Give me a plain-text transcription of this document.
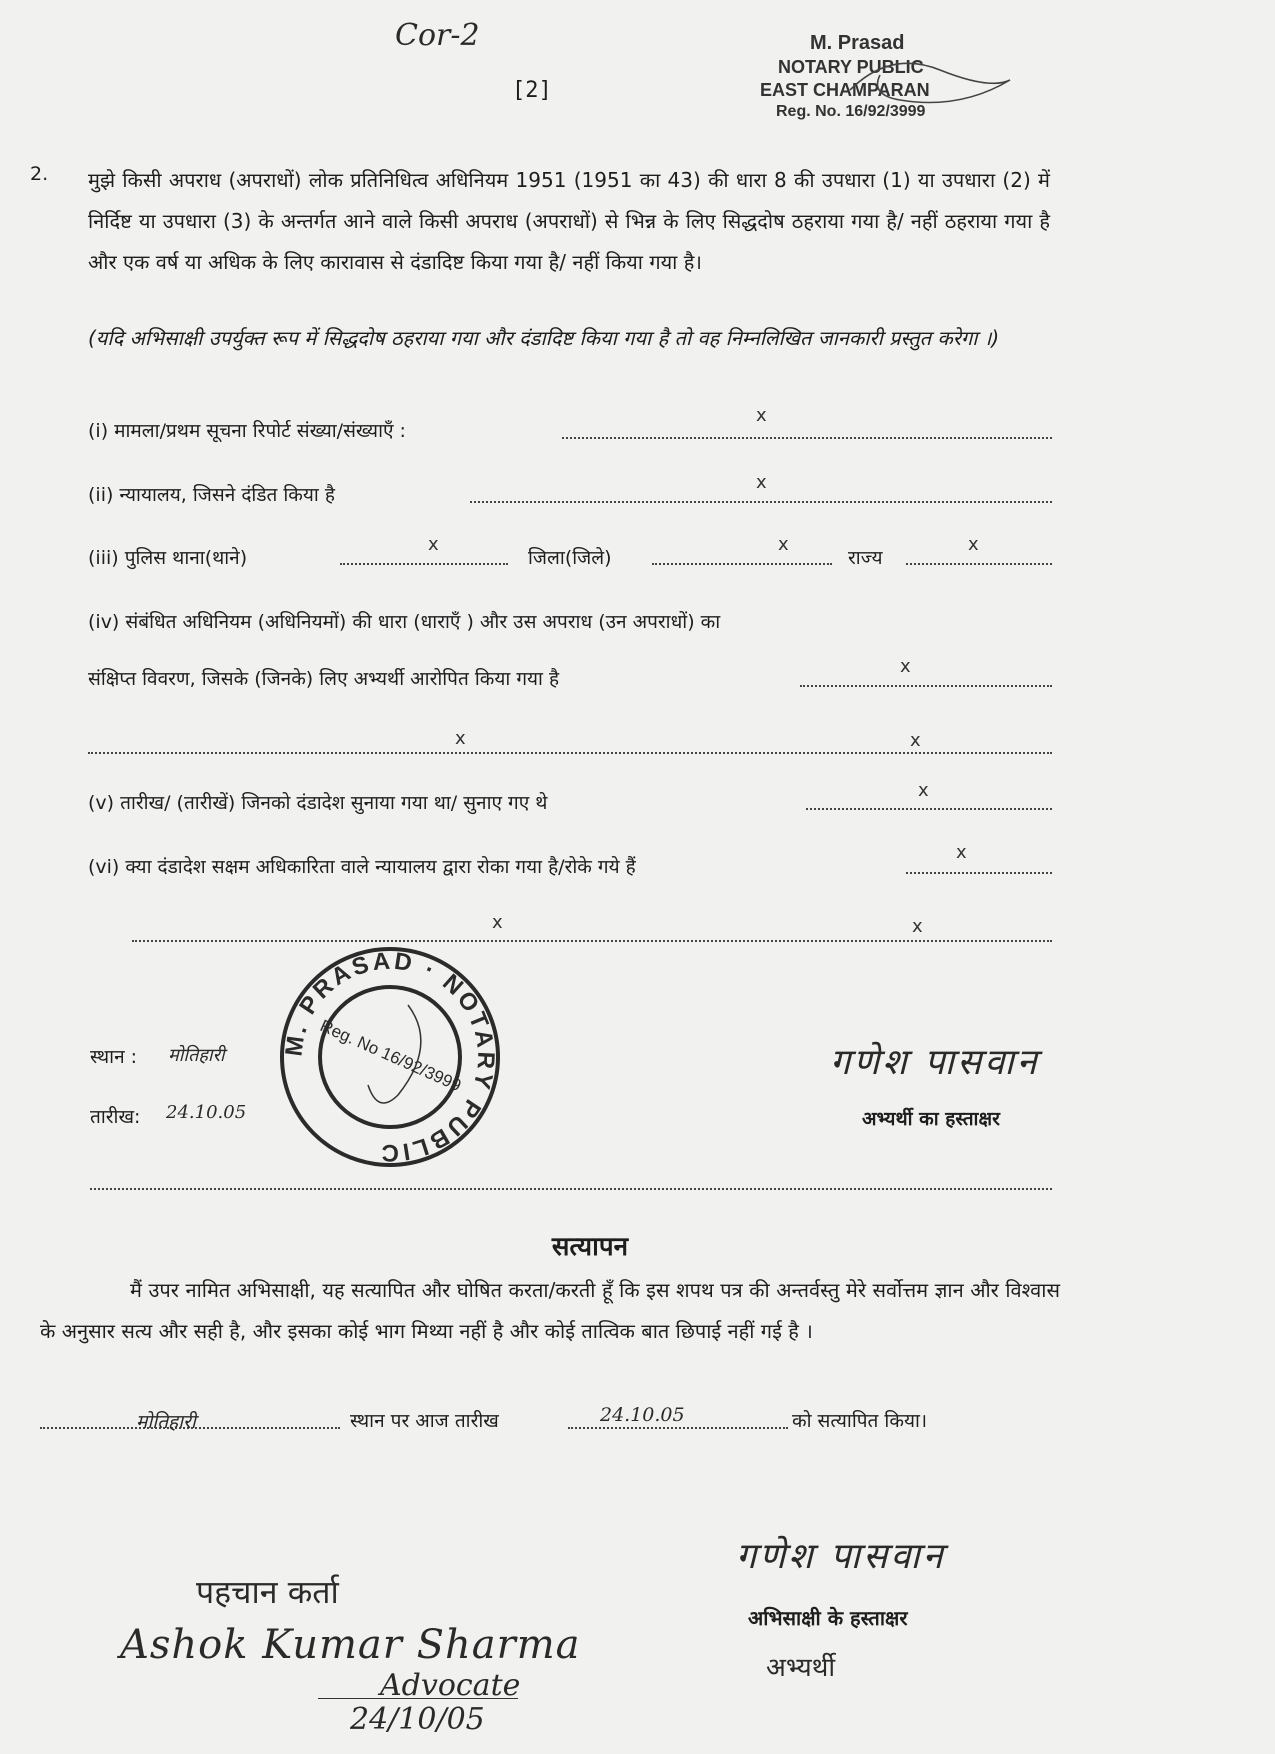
Cor-2
[2]
M. Prasad
NOTARY PUBLIC
EAST CHAMPARAN
Reg. No. 16/92/3999
2. मुझे किसी अपराध (अपराधों) लोक प्रतिनिधित्व अधिनियम 1951 (1951 का 43) की धारा 8 की उपधारा (1) या उपधारा (2) में निर्दिष्ट या उपधारा (3) के अन्तर्गत आने वाले किसी अपराध (अपराधों) से भिन्न के लिए सिद्धदोष ठहराया गया है/ नहीं ठहराया गया है और एक वर्ष या अधिक के लिए कारावास से दंडादिष्ट किया गया है/ नहीं किया गया है।
(यदि अभिसाक्षी उपर्युक्त रूप में सिद्धदोष ठहराया गया और दंडादिष्ट किया गया है तो वह निम्नलिखित जानकारी प्रस्तुत करेगा ।)
(i) मामला/प्रथम सूचना रिपोर्ट संख्या/संख्याएँ :
x
(ii) न्यायालय, जिसने दंडित किया है
x
(iii) पुलिस थाना(थाने)
x
जिला(जिले)
x
राज्य
x
(iv) संबंधित अधिनियम (अधिनियमों) की धारा (धाराएँ ) और उस अपराध (उन अपराधों) का
संक्षिप्त विवरण, जिसके (जिनके) लिए अभ्यर्थी आरोपित किया गया है
x
x	x
(v) तारीख/ (तारीखें) जिनको दंडादेश सुनाया गया था/ सुनाए गए थे
x
(vi) क्या दंडादेश सक्षम अधिकारिता वाले न्यायालय द्वारा रोका गया है/रोके गये हैं
x
x	x
स्थान : मोतिहारी
तारीख: 24.10.05
M. PRASAD · NOTARY PUBLIC
Reg. No 16/92/3999	गणेश पासवान
अभ्यर्थी का हस्ताक्षर
सत्यापन
मैं उपर नामित अभिसाक्षी, यह सत्यापित और घोषित करता/करती हूँ कि इस शपथ पत्र की अन्तर्वस्तु मेरे सर्वोत्तम ज्ञान और विश्वास के अनुसार सत्य और सही है, और इसका कोई भाग मिथ्या नहीं है और कोई तात्विक बात छिपाई नहीं गई है ।
मोतिहारी	स्थान पर आज तारीख	24.10.05	को सत्यापित किया।
पहचान कर्ता
Ashok Kumar Sharma
Advocate
24/10/05
गणेश पासवान
अभिसाक्षी के हस्ताक्षर
अभ्यर्थी
